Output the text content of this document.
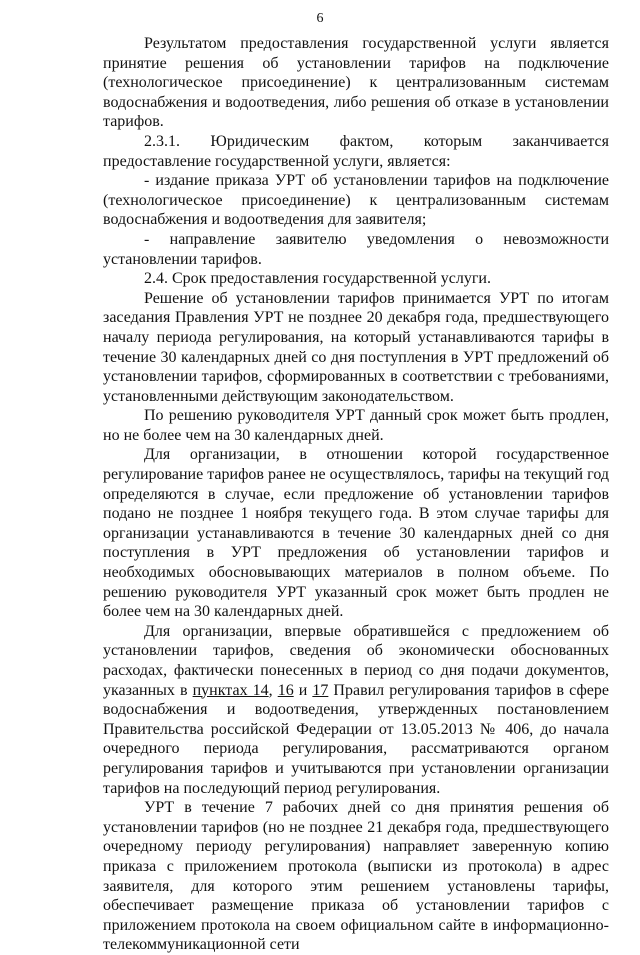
6

Результатом предоставления государственной услуги является принятие решения об установлении тарифов на подключение (технологическое присоединение) к централизованным системам водоснабжения и водоотведения, либо решения об отказе в установлении тарифов.

2.3.1. Юридическим фактом, которым заканчивается предоставление государственной услуги, является:

- издание приказа УРТ об установлении тарифов на подключение (технологическое присоединение) к централизованным системам водоснабжения и водоотведения для заявителя;

- направление заявителю уведомления о невозможности установлении тарифов.

2.4. Срок предоставления государственной услуги.

Решение об установлении тарифов принимается УРТ по итогам заседания Правления УРТ не позднее 20 декабря года, предшествующего началу периода регулирования, на который устанавливаются тарифы в течение 30 календарных дней со дня поступления в УРТ предложений об установлении тарифов, сформированных в соответствии с требованиями, установленными действующим законодательством.

По решению руководителя УРТ данный срок может быть продлен, но не более чем на 30 календарных дней.

Для организации, в отношении которой государственное регулирование тарифов ранее не осуществлялось, тарифы на текущий год определяются в случае, если предложение об установлении тарифов подано не позднее 1 ноября текущего года. В этом случае тарифы для организации устанавливаются в течение 30 календарных дней со дня поступления в УРТ предложения об установлении тарифов и необходимых обосновывающих материалов в полном объеме. По решению руководителя УРТ указанный срок может быть продлен не более чем на 30 календарных дней.

Для организации, впервые обратившейся с предложением об установлении тарифов, сведения об экономически обоснованных расходах, фактически понесенных в период со дня подачи документов, указанных в пунктах 14, 16 и 17 Правил регулирования тарифов в сфере водоснабжения и водоотведения, утвержденных постановлением Правительства российской Федерации от 13.05.2013 № 406, до начала очередного периода регулирования, рассматриваются органом регулирования тарифов и учитываются при установлении организации тарифов на последующий период регулирования.

УРТ в течение 7 рабочих дней со дня принятия решения об установлении тарифов (но не позднее 21 декабря года, предшествующего очередному периоду регулирования) направляет заверенную копию приказа с приложением протокола (выписки из протокола) в адрес заявителя, для которого этим решением установлены тарифы, обеспечивает размещение приказа об установлении тарифов с приложением протокола на своем официальном сайте в информационно-телекоммуникационной сети
